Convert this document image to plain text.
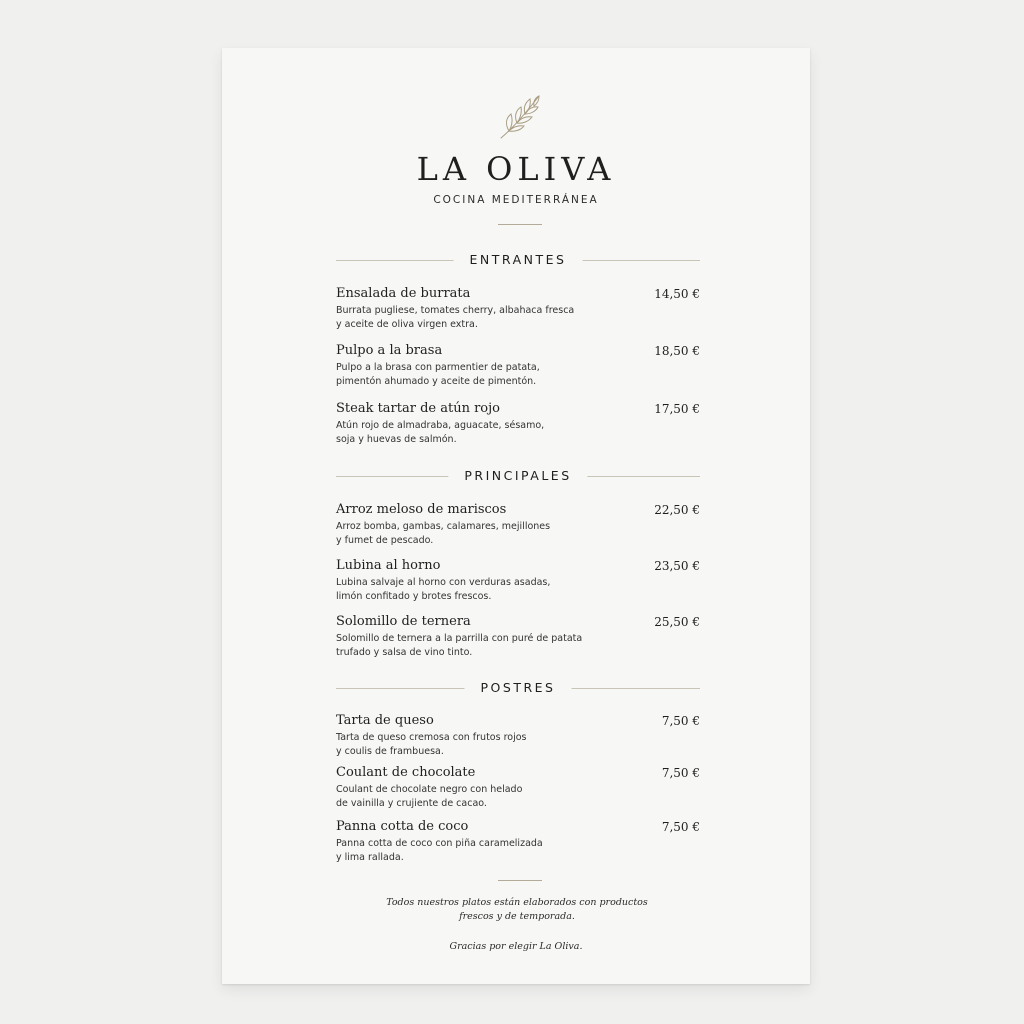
LA OLIVA
COCINA MEDITERRÁNEA
ENTRANTES
Ensalada de burrata	14,50 €
Burrata pugliese, tomates cherry, albahaca fresca
y aceite de oliva virgen extra.
Pulpo a la brasa	18,50 €
Pulpo a la brasa con parmentier de patata,
pimentón ahumado y aceite de pimentón.
Steak tartar de atún rojo	17,50 €
Atún rojo de almadraba, aguacate, sésamo,
soja y huevas de salmón.
PRINCIPALES
Arroz meloso de mariscos	22,50 €
Arroz bomba, gambas, calamares, mejillones
y fumet de pescado.
Lubina al horno	23,50 €
Lubina salvaje al horno con verduras asadas,
limón confitado y brotes frescos.
Solomillo de ternera	25,50 €
Solomillo de ternera a la parrilla con puré de patata
trufado y salsa de vino tinto.
POSTRES
Tarta de queso	7,50 €
Tarta de queso cremosa con frutos rojos
y coulis de frambuesa.
Coulant de chocolate	7,50 €
Coulant de chocolate negro con helado
de vainilla y crujiente de cacao.
Panna cotta de coco	7,50 €
Panna cotta de coco con piña caramelizada
y lima rallada.
Todos nuestros platos están elaborados con productos
frescos y de temporada.
Gracias por elegir La Oliva.
